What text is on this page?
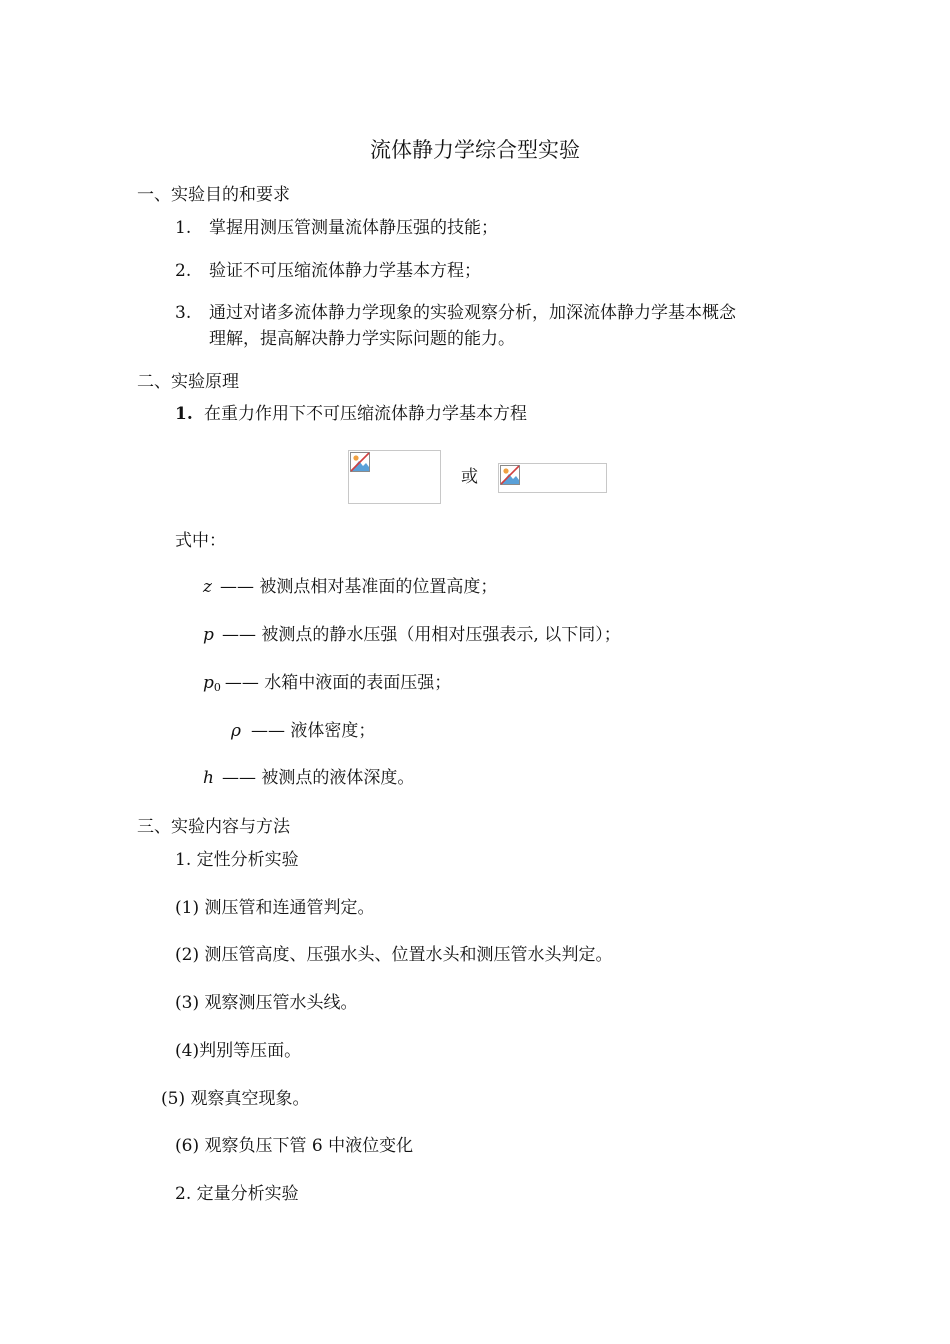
流体静力学综合型实验
一、实验目的和要求
1. 掌握用测压管测量流体静压强的技能；
2. 验证不可压缩流体静力学基本方程；
3. 通过对诸多流体静力学现象的实验观察分析，加深流体静力学基本概念
理解，提高解决静力学实际问题的能力。
二、实验原理
1. 在重力作用下不可压缩流体静力学基本方程
或
式中：
z —— 被测点相对基准面的位置高度；
p —— 被测点的静水压强（用相对压强表示, 以下同）；
$p_0$ —— 水箱中液面的表面压强；
ρ —— 液体密度；
h —— 被测点的液体深度。
三、实验内容与方法
1. 定性分析实验
(1) 测压管和连通管判定。
(2) 测压管高度、压强水头、位置水头和测压管水头判定。
(3) 观察测压管水头线。
(4)判别等压面。
(5) 观察真空现象。
(6) 观察负压下管 6 中液位变化
2. 定量分析实验
